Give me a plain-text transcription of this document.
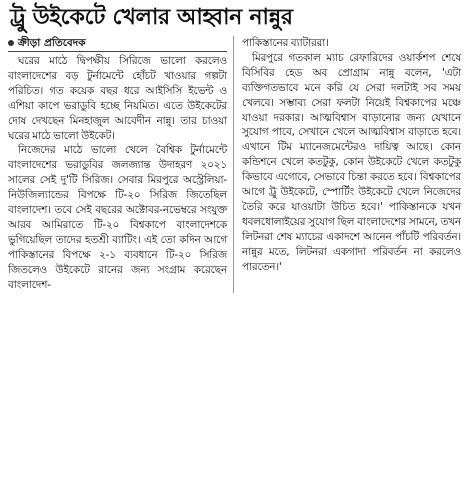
ট্রু উইকেটে খেলার আহ্বান নান্নুর
ক্রীড়া প্রতিবেদক

ঘরের মাঠে দ্বিপক্ষীয় সিরিজে ভালো করলেও বাংলাদেশের বড় টুর্নামেন্টে হোঁচট খাওয়ার গল্পটা পরিচিত। গত কয়েক বছর ধরে আইসিসি ইভেন্ট ও এশিয়া কাপে ভরাডুবি হচ্ছে নিয়মিত। এতে উইকেটের দোষ দেখছেন মিনহাজুল আবেদীন নান্নু। তার চাওয়া ঘরের মাঠে ভালো উইকেট।

নিজেদের মাঠে ভালো খেলে বৈশ্বিক টুর্নামেন্টে বাংলাদেশের ভরাডুবির জলজ্যান্ত উদাহরণ ২০২১ সালের সেই দু'টি সিরিজ। সেবার মিরপুরে অস্ট্রেলিয়া-নিউজিল্যান্ডের বিপক্ষে টি-২০ সিরিজ জিতেছিল বাংলাদেশ। তবে সেই বছরের অক্টোবর-নভেম্বরে সংযুক্ত আরব আমিরাতে টি-২০ বিশ্বকাপে বাংলাদেশকে ভুগিয়েছিল তাদের হতশ্রী ব্যাটিং। এই তো কদিন আগে পাকিস্তানের বিপক্ষে ২-১ ব্যবধানে টি-২০ সিরিজ জিতলেও উইকেটে রানের জন্য সংগ্রাম করেছেন বাংলাদেশ-

পাকিস্তানের ব্যাটাররা।

মিরপুরে গতকাল ম্যাচ রেফারিদের ওয়ার্কশপ শেষে বিসিবির হেড অব প্রোগ্রাম নান্নু বলেন, 'এটা ব্যক্তিগতভাবে মনে করি যে সেরা দলটাই সব সময় খেলবে। সম্ভাব্য সেরা ফলটা নিয়েই বিশ্বকাপের মঞ্চে যাওয়া দরকার। আত্মবিশ্বাস বাড়ানোর জন্য যেখানে সুযোগ পাবে, সেখানে খেলে আত্মবিশ্বাস বাড়াতে হবে। এখানে টিম ম্যানেজমেন্টেরও দায়িত্ব আছে। কোন কন্ডিশনে খেলে কতটুকু, কোন উইকেটে খেলে কতটুকু কিভাবে এগোবে, সেভাবে চিন্তা করতে হবে। বিশ্বকাপের আগে ট্রু উইকেটে, স্পোর্টিং উইকেটে খেলে নিজেদের তৈরি করে যাওয়াটা উচিত হবে।' পাকিস্তানকে যখন ধবলধোলাইয়ের সুযোগ ছিল বাংলাদেশের সামনে, তখন লিটনরা শেষ ম্যাচের একাদশে আনেন পাঁচটি পরিবর্তন। নান্নুর মতে, লিটনরা একগাদা পরিবর্তন না করলেও পারতেন।'
